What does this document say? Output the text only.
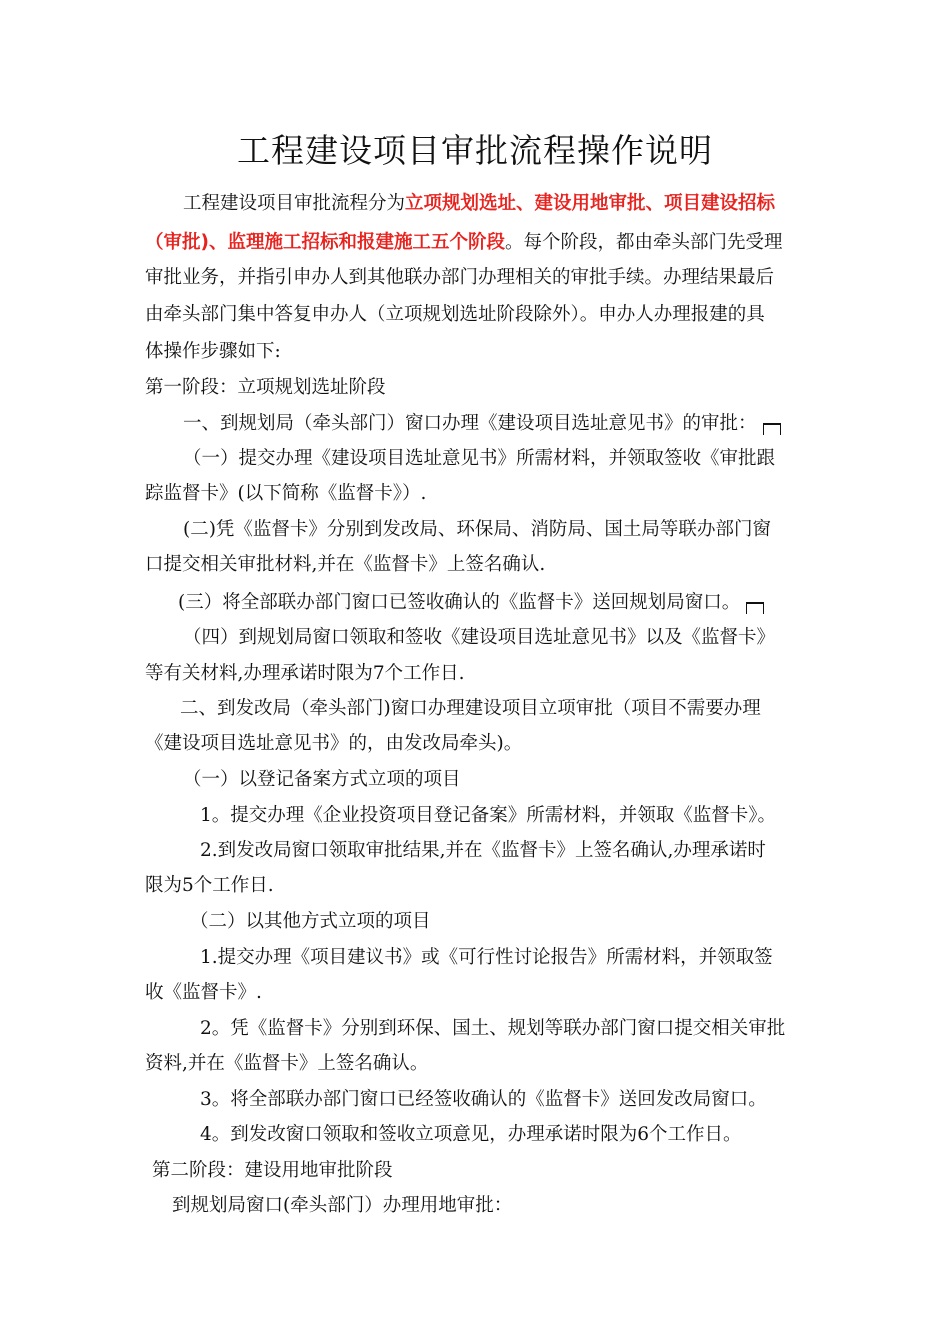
工程建设项目审批流程操作说明
工程建设项目审批流程分为立项规划选址、建设用地审批、项目建设招标
（审批)、监理施工招标和报建施工五个阶段。每个阶段，都由牵头部门先受理
审批业务，并指引申办人到其他联办部门办理相关的审批手续。办理结果最后
由牵头部门集中答复申办人（立项规划选址阶段除外）。申办人办理报建的具
体操作步骤如下:
第一阶段：立项规划选址阶段
一、到规划局（牵头部门）窗口办理《建设项目选址意见书》的审批：
（一）提交办理《建设项目选址意见书》所需材料，并领取签收《审批跟
踪监督卡》(以下简称《监督卡》）.
(二)凭《监督卡》分别到发改局、环保局、消防局、国土局等联办部门窗
口提交相关审批材料,并在《监督卡》上签名确认.
(三）将全部联办部门窗口已签收确认的《监督卡》送回规划局窗口。
（四）到规划局窗口领取和签收《建设项目选址意见书》以及《监督卡》
等有关材料,办理承诺时限为7个工作日.
二、到发改局（牵头部门)窗口办理建设项目立项审批（项目不需要办理
《建设项目选址意见书》的，由发改局牵头)。
（一）以登记备案方式立项的项目
1。提交办理《企业投资项目登记备案》所需材料，并领取《监督卡》。
2.到发改局窗口领取审批结果,并在《监督卡》上签名确认,办理承诺时
限为5个工作日.
（二）以其他方式立项的项目
1.提交办理《项目建议书》或《可行性讨论报告》所需材料，并领取签
收《监督卡》.
2。凭《监督卡》分别到环保、国土、规划等联办部门窗口提交相关审批
资料,并在《监督卡》上签名确认。
3。将全部联办部门窗口已经签收确认的《监督卡》送回发改局窗口。
4。到发改窗口领取和签收立项意见，办理承诺时限为6个工作日。
第二阶段：建设用地审批阶段
到规划局窗口(牵头部门）办理用地审批：
